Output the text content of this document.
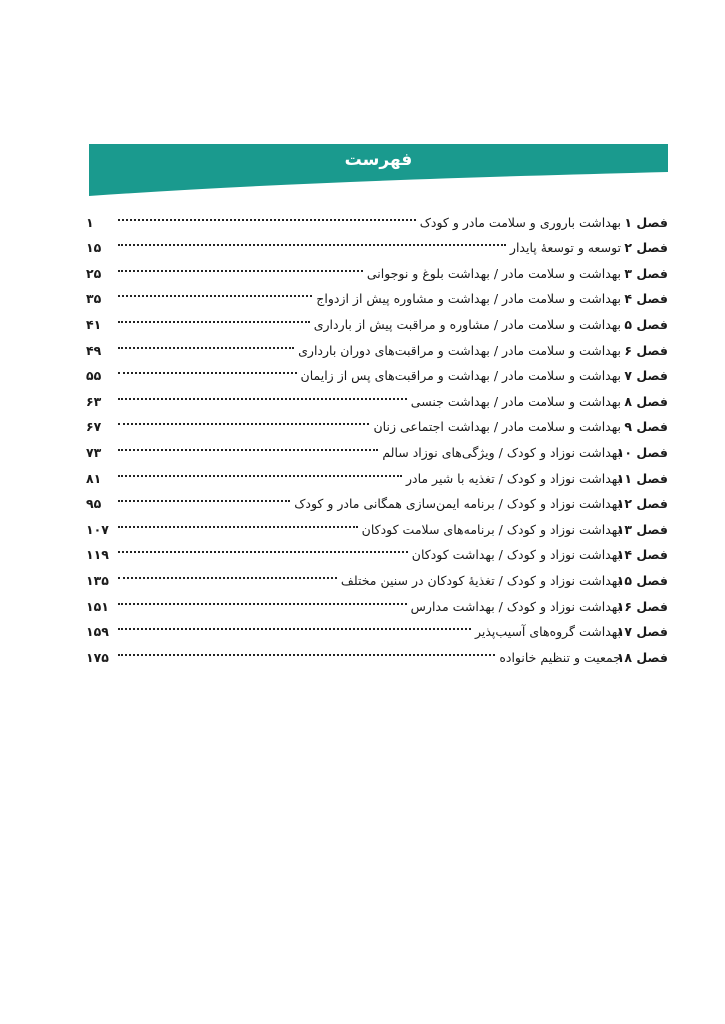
فهرست
فصل ۱
بهداشت باروری و سلامت مادر و کودک
۱
فصل ۲
توسعه و توسعۀ پایدار
۱۵
فصل ۳
بهداشت و سلامت مادر / بهداشت بلوغ و نوجوانی
۲۵
فصل ۴
بهداشت و سلامت مادر / بهداشت و مشاوره پیش از ازدواج
۳۵
فصل ۵
بهداشت و سلامت مادر / مشاوره و مراقبت پیش از بارداری
۴۱
فصل ۶
بهداشت و سلامت مادر / بهداشت و مراقبت‌های دوران بارداری
۴۹
فصل ۷
بهداشت و سلامت مادر / بهداشت و مراقبت‌های پس از زایمان
۵۵
فصل ۸
بهداشت و سلامت مادر / بهداشت جنسی
۶۳
فصل ۹
بهداشت و سلامت مادر / بهداشت اجتماعی زنان
۶۷
فصل ۱۰
بهداشت نوزاد و کودک / ویژگی‌های نوزاد سالم
۷۳
فصل ۱۱
بهداشت نوزاد و کودک / تغذیه با شیر مادر
۸۱
فصل ۱۲
بهداشت نوزاد و کودک / برنامه ایمن‌سازی همگانی مادر و کودک
۹۵
فصل ۱۳
بهداشت نوزاد و کودک / برنامه‌های سلامت کودکان
۱۰۷
فصل ۱۴
بهداشت نوزاد و کودک / بهداشت کودکان
۱۱۹
فصل ۱۵
بهداشت نوزاد و کودک / تغذیۀ کودکان در سنین مختلف
۱۳۵
فصل ۱۶
بهداشت نوزاد و کودک / بهداشت مدارس
۱۵۱
فصل ۱۷
بهداشت گروه‌های آسیب‌پذیر
۱۵۹
فصل ۱۸
جمعیت و تنظیم خانواده
۱۷۵
